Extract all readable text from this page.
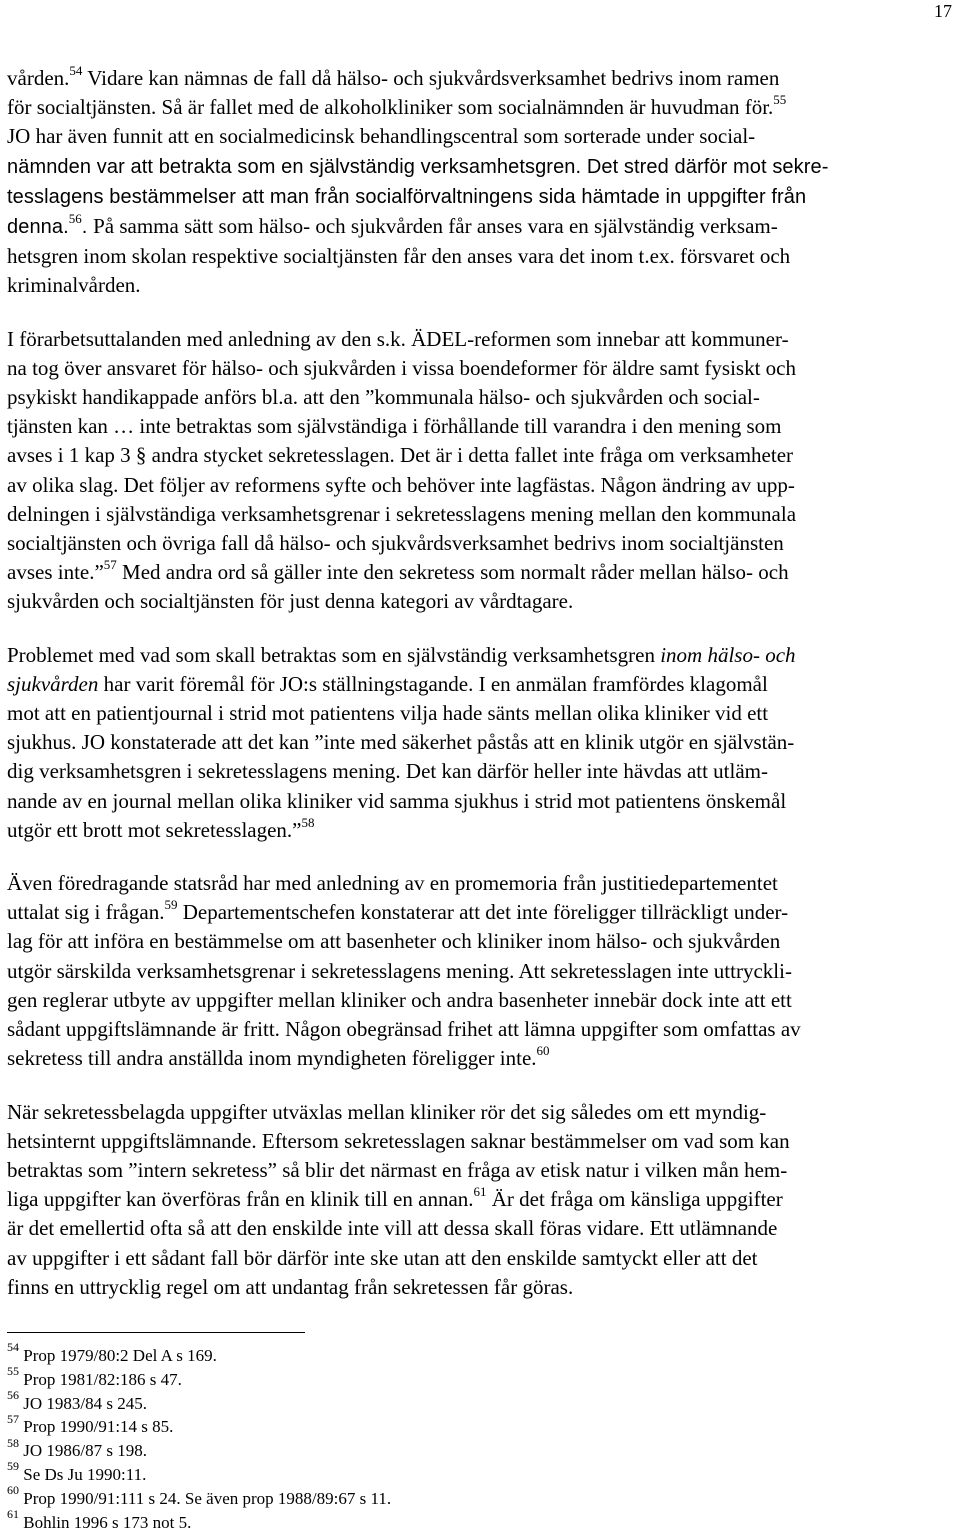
17

vården.$^{54}$ Vidare kan nämnas de fall då hälso- och sjukvårdsverksamhet bedrivs inom ramen
för socialtjänsten. Så är fallet med de alkoholkliniker som socialnämnden är huvudman för.$^{55}$
JO har även funnit att en socialmedicinsk behandlingscentral som sorterade under social-
nämnden var att betrakta som en självständig verksamhetsgren. Det stred därför mot sekre-
tesslagens bestämmelser att man från socialförvaltningens sida hämtade in uppgifter från
denna.$^{56}$. På samma sätt som hälso- och sjukvården får anses vara en självständig verksam-
hetsgren inom skolan respektive socialtjänsten får den anses vara det inom t.ex. försvaret och
kriminalvården.

I förarbetsuttalanden med anledning av den s.k. ÄDEL-reformen som innebar att kommuner-
na tog över ansvaret för hälso- och sjukvården i vissa boendeformer för äldre samt fysiskt och
psykiskt handikappade anförs bl.a. att den ”kommunala hälso- och sjukvården och social-
tjänsten kan … inte betraktas som självständiga i förhållande till varandra i den mening som
avses i 1 kap 3 § andra stycket sekretesslagen. Det är i detta fallet inte fråga om verksamheter
av olika slag. Det följer av reformens syfte och behöver inte lagfästas. Någon ändring av upp-
delningen i självständiga verksamhetsgrenar i sekretesslagens mening mellan den kommunala
socialtjänsten och övriga fall då hälso- och sjukvårdsverksamhet bedrivs inom socialtjänsten
avses inte.”$^{57}$ Med andra ord så gäller inte den sekretess som normalt råder mellan hälso- och
sjukvården och socialtjänsten för just denna kategori av vårdtagare.

Problemet med vad som skall betraktas som en självständig verksamhetsgren inom hälso- och
sjukvården har varit föremål för JO:s ställningstagande. I en anmälan framfördes klagomål
mot att en patientjournal i strid mot patientens vilja hade sänts mellan olika kliniker vid ett
sjukhus. JO konstaterade att det kan ”inte med säkerhet påstås att en klinik utgör en självstän-
dig verksamhetsgren i sekretesslagens mening. Det kan därför heller inte hävdas att utläm-
nande av en journal mellan olika kliniker vid samma sjukhus i strid mot patientens önskemål
utgör ett brott mot sekretesslagen.”$^{58}$

Även föredragande statsråd har med anledning av en promemoria från justitiedepartementet
uttalat sig i frågan.$^{59}$ Departementschefen konstaterar att det inte föreligger tillräckligt under-
lag för att införa en bestämmelse om att basenheter och kliniker inom hälso- och sjukvården
utgör särskilda verksamhetsgrenar i sekretesslagens mening. Att sekretesslagen inte uttryckli-
gen reglerar utbyte av uppgifter mellan kliniker och andra basenheter innebär dock inte att ett
sådant uppgiftslämnande är fritt. Någon obegränsad frihet att lämna uppgifter som omfattas av
sekretess till andra anställda inom myndigheten föreligger inte.$^{60}$

När sekretessbelagda uppgifter utväxlas mellan kliniker rör det sig således om ett myndig-
hetsinternt uppgiftslämnande. Eftersom sekretesslagen saknar bestämmelser om vad som kan
betraktas som ”intern sekretess” så blir det närmast en fråga av etisk natur i vilken mån hem-
liga uppgifter kan överföras från en klinik till en annan.$^{61}$ Är det fråga om känsliga uppgifter
är det emellertid ofta så att den enskilde inte vill att dessa skall föras vidare. Ett utlämnande
av uppgifter i ett sådant fall bör därför inte ske utan att den enskilde samtyckt eller att det
finns en uttrycklig regel om att undantag från sekretessen får göras.

$^{54}$ Prop 1979/80:2 Del A s 169.
$^{55}$ Prop 1981/82:186 s 47.
$^{56}$ JO 1983/84 s 245.
$^{57}$ Prop 1990/91:14 s 85.
$^{58}$ JO 1986/87 s 198.
$^{59}$ Se Ds Ju 1990:11.
$^{60}$ Prop 1990/91:111 s 24. Se även prop 1988/89:67 s 11.
$^{61}$ Bohlin 1996 s 173 not 5.
